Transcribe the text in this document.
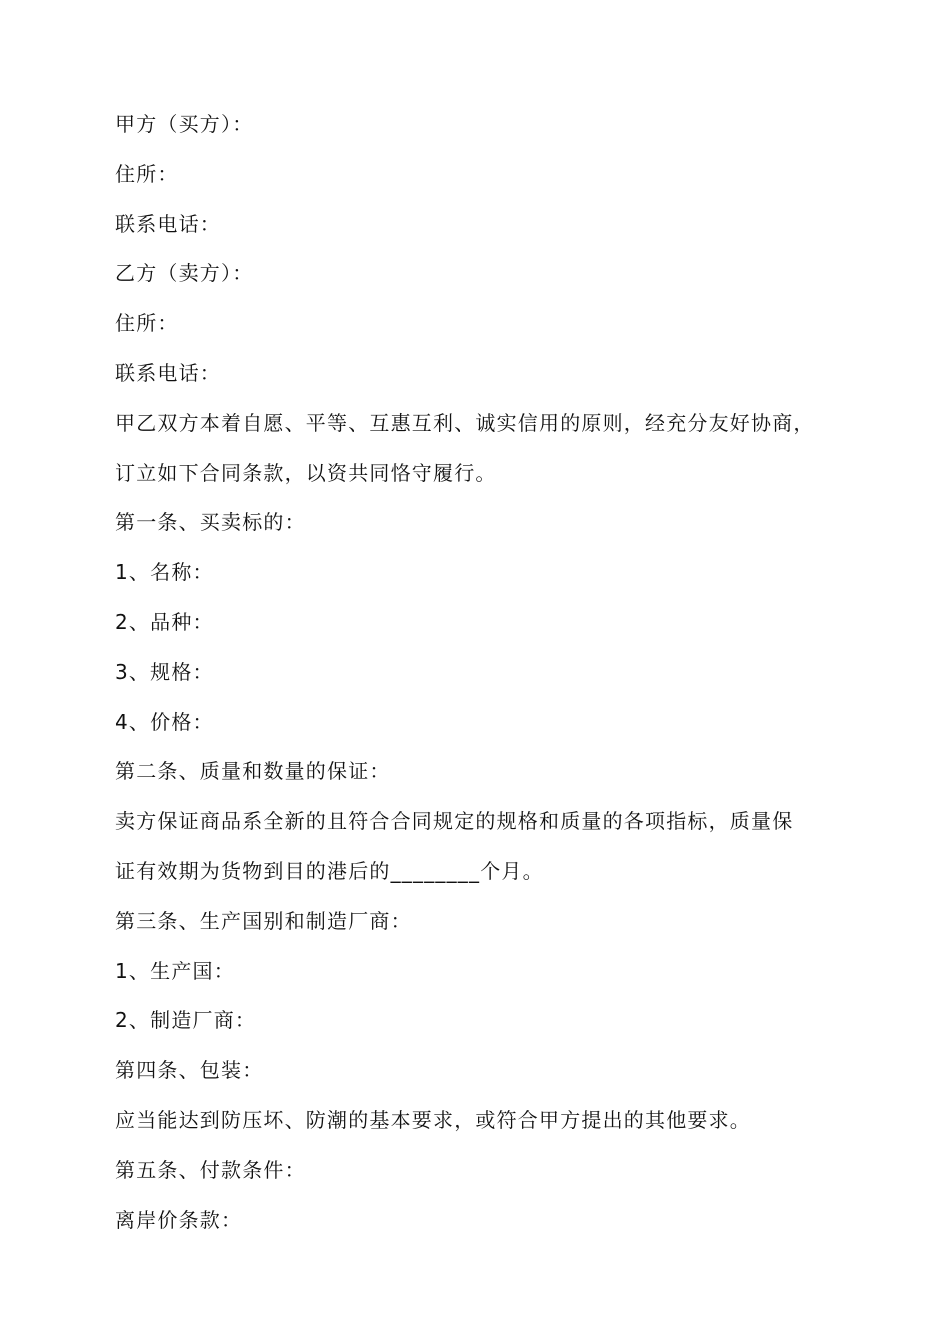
甲方（买方）：
住所：
联系电话：
乙方（卖方）：
住所：
联系电话：
甲乙双方本着自愿、平等、互惠互利、诚实信用的原则，经充分友好协商，
订立如下合同条款，以资共同恪守履行。
第一条、买卖标的：
1、名称：
2、品种：
3、规格：
4、价格：
第二条、质量和数量的保证：
卖方保证商品系全新的且符合合同规定的规格和质量的各项指标，质量保
证有效期为货物到目的港后的________个月。
第三条、生产国别和制造厂商：
1、生产国：
2、制造厂商：
第四条、包装：
应当能达到防压坏、防潮的基本要求，或符合甲方提出的其他要求。
第五条、付款条件：
离岸价条款：
